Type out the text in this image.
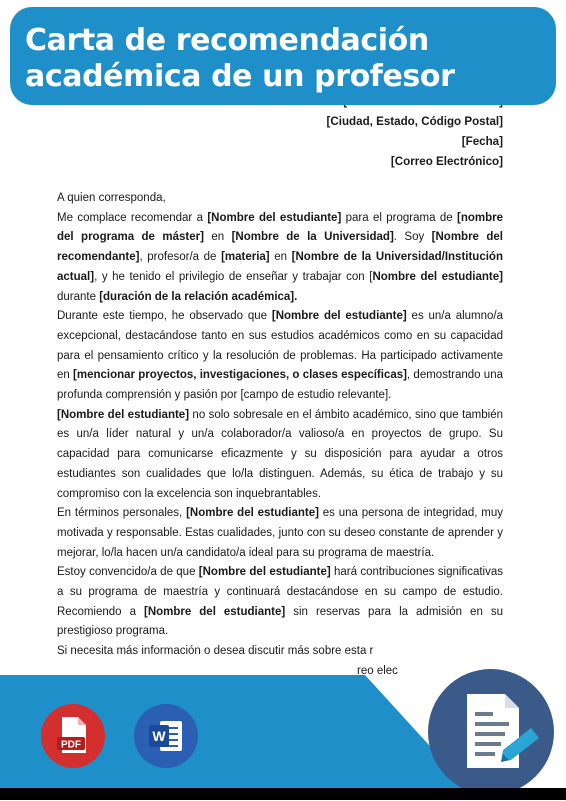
Carta de recomendación académica de un profesor
[Ciudad, Estado, Código Postal]
[Fecha]
[Correo Electrónico]

A quien corresponda,

Me complace recomendar a [Nombre del estudiante] para el programa de [nombre del programa de máster] en [Nombre de la Universidad]. Soy [Nombre del recomendante], profesor/a de [materia] en [Nombre de la Universidad/Institución actual], y he tenido el privilegio de enseñar y trabajar con [Nombre del estudiante] durante [duración de la relación académica].

Durante este tiempo, he observado que [Nombre del estudiante] es un/a alumno/a excepcional, destacándose tanto en sus estudios académicos como en su capacidad para el pensamiento crítico y la resolución de problemas. Ha participado activamente en [mencionar proyectos, investigaciones, o clases específicas], demostrando una profunda comprensión y pasión por [campo de estudio relevante].

[Nombre del estudiante] no solo sobresale en el ámbito académico, sino que también es un/a líder natural y un/a colaborador/a valioso/a en proyectos de grupo. Su capacidad para comunicarse eficazmente y su disposición para ayudar a otros estudiantes son cualidades que lo/la distinguen. Además, su ética de trabajo y su compromiso con la excelencia son inquebrantables.

En términos personales, [Nombre del estudiante] es una persona de integridad, muy motivada y responsable. Estas cualidades, junto con su deseo constante de aprender y mejorar, lo/la hacen un/a candidato/a ideal para su programa de maestría.

Estoy convencido/a de que [Nombre del estudiante] hará contribuciones significativas a su programa de maestría y continuará destacándose en su campo de estudio. Recomiendo a [Nombre del estudiante] sin reservas para la admisión en su prestigioso programa.

Si necesita más información o desea discutir más sobre esta r

reo elec

PDF
W
